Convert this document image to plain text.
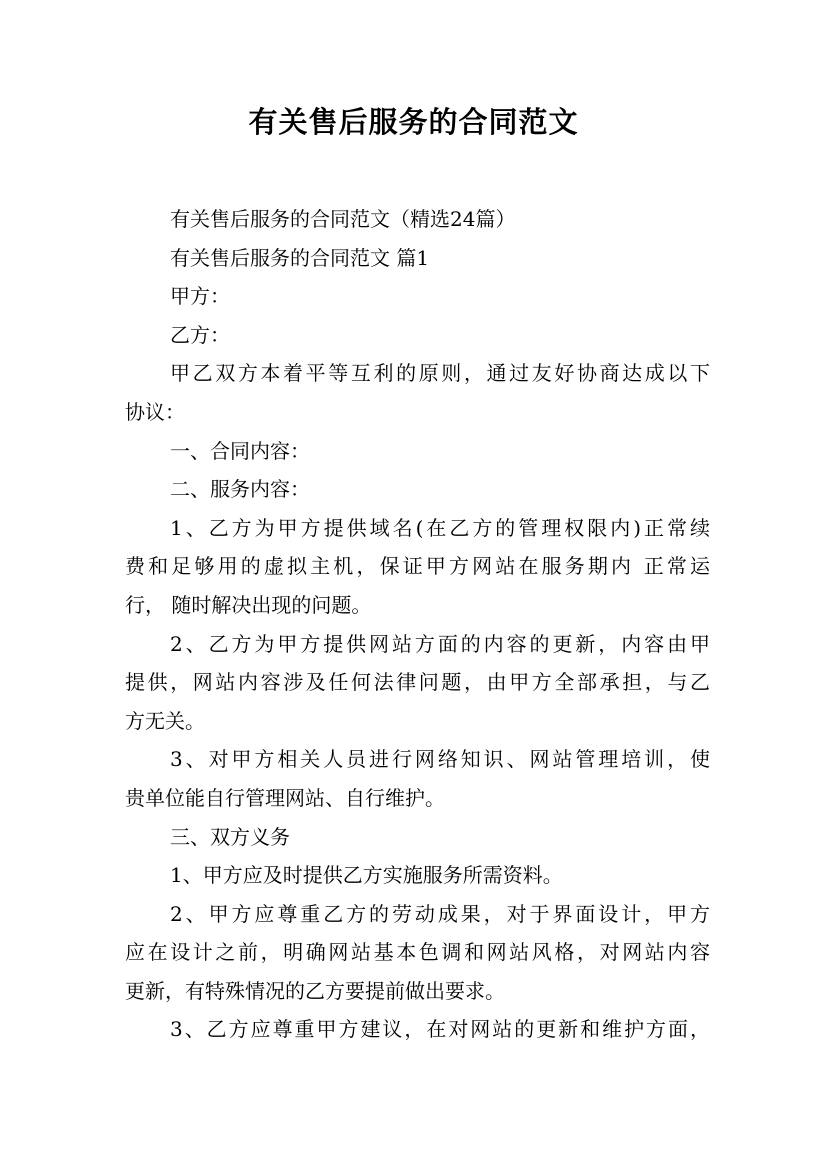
有关售后服务的合同范文
有关售后服务的合同范文（精选24篇）
有关售后服务的合同范文 篇1
甲方：
乙方：
甲乙双方本着平等互利的原则，通过友好协商达成以下
协议：
一、合同内容：
二、服务内容：
1、乙方为甲方提供域名(在乙方的管理权限内)正常续
费和足够用的虚拟主机，保证甲方网站在服务期内 正常运
行， 随时解决出现的问题。
2、乙方为甲方提供网站方面的内容的更新，内容由甲
提供，网站内容涉及任何法律问题，由甲方全部承担，与乙
方无关。
3、对甲方相关人员进行网络知识、网站管理培训，使
贵单位能自行管理网站、自行维护。
三、双方义务
1、甲方应及时提供乙方实施服务所需资料。
2、甲方应尊重乙方的劳动成果，对于界面设计，甲方
应在设计之前，明确网站基本色调和网站风格，对网站内容
更新，有特殊情况的乙方要提前做出要求。
3、乙方应尊重甲方建议，在对网站的更新和维护方面，
